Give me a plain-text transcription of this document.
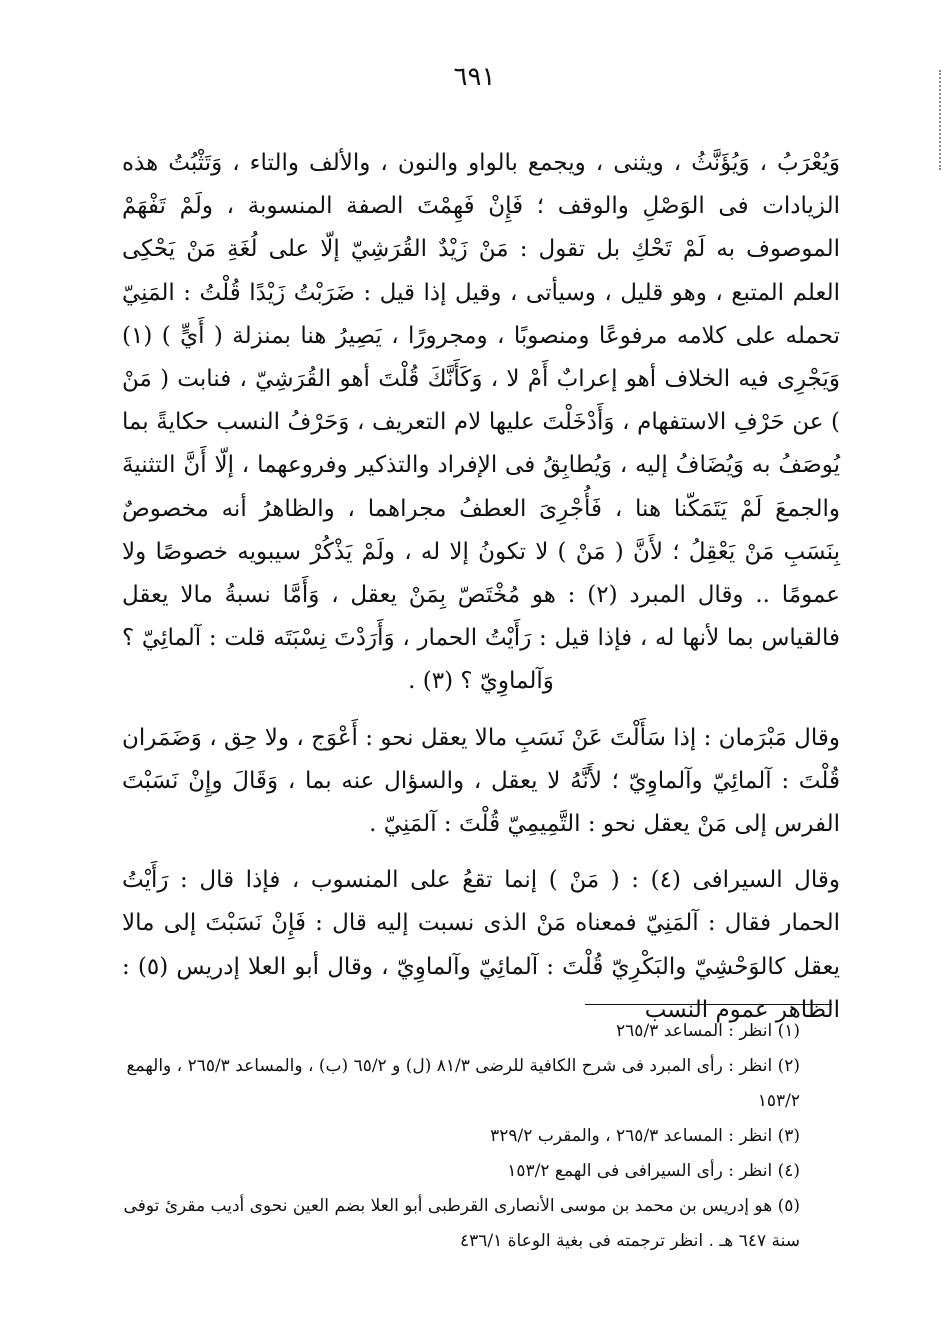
٦٩١

وَيُعْرَبُ ، وَيُؤَنَّثُ ، ويثنى ، ويجمع بالواو والنون ، والألف والتاء ، وَتَثْبُتُ هذه الزيادات فى الوَصْلِ والوقف ؛ فَإِنْ فَهِمْتَ الصفة المنسوبة ، ولَمْ تَفْهَمْ الموصوف به لَمْ تَحْكِ بل تقول : مَنْ زَيْدٌ القُرَشِيّ إلّا على لُغَةِ مَنْ يَحْكِى العلم المتبع ، وهو قليل ، وسيأتى ، وقيل إذا قيل : ضَرَبْتُ زَيْدًا قُلْتُ : المَنِيّ تحمله على كلامه مرفوعًا ومنصوبًا ، ومجرورًا ، يَصِيرُ هنا بمنزلة ( أَيٍّ ) (١) وَيَجْرِى فيه الخلاف أهو إعرابٌ أَمْ لا ، وَكَأَنَّكَ قُلْتَ أهو القُرَشِيّ ، فنابت ( مَنْ ) عن حَرْفِ الاستفهام ، وَأَدْخَلْتَ عليها لام التعريف ، وَحَرْفُ النسب حكايةً بما يُوصَفُ به وَيُضَافُ إليه ، وَيُطابِقُ فى الإفراد والتذكير وفروعهما ، إلّا أَنَّ التثنيةَ والجمعَ لَمْ يَتَمَكّنا هنا ، فَأُجْرِىَ العطفُ مجراهما ، والظاهرُ أنه مخصوصٌ بِنَسَبِ مَنْ يَعْقِلُ ؛ لأَنَّ ( مَنْ ) لا تكونُ إلا له ، ولَمْ يَذْكُرْ سيبويه خصوصًا ولا عمومًا .. وقال المبرد (٢) : هو مُخْتَصّ بِمَنْ يعقل ، وَأَمَّا نسبةُ مالا يعقل فالقياس بما لأنها له ، فإذا قيل : رَأَيْتُ الحمار ، وَأَرَدْتَ نِسْبَتَه قلت : آلمائِيّ ؟ وَآلماوِيّ ؟ (٣) .

وقال مَبْرَمان : إذا سَأَلْتَ عَنْ نَسَبِ مالا يعقل نحو : أَعْوَج ، ولا حِق ، وَضَمَران قُلْتَ : آلمائِيّ وآلماوِيّ ؛ لأَنَّهُ لا يعقل ، والسؤال عنه بما ، وَقَالَ وإِنْ نَسَبْتَ الفرس إلى مَنْ يعقل نحو : التَّمِيمِيّ قُلْتَ : آلمَنِيّ .

وقال السيرافى (٤) : ( مَنْ ) إنما تقعُ على المنسوب ، فإذا قال : رَأَيْتُ الحمار فقال : آلمَنِيّ فمعناه مَنْ الذى نسبت إليه قال : فَإِنْ نَسَبْتَ إلى مالا يعقل كالوَحْشِيّ والبَكْرِيّ قُلْتَ : آلمائِيّ وآلماوِيّ ، وقال أبو العلا إدريس (٥) : الظاهر عموم النسب

(١) انظر : المساعد ٢٦٥/٣

(٢) انظر : رأى المبرد فى شرح الكافية للرضى ٨١/٣ (ل) و ٦٥/٢ (ب) ، والمساعد ٢٦٥/٣ ، والهمع ١٥٣/٢

(٣) انظر : المساعد ٢٦٥/٣ ، والمقرب ٣٢٩/٢

(٤) انظر : رأى السيرافى فى الهمع ١٥٣/٢

(٥) هو إدريس بن محمد بن موسى الأنصارى القرطبى أبو العلا بضم العين نحوى أديب مقرئ توفى سنة ٦٤٧ هـ . انظر ترجمته فى بغية الوعاة ٤٣٦/١
